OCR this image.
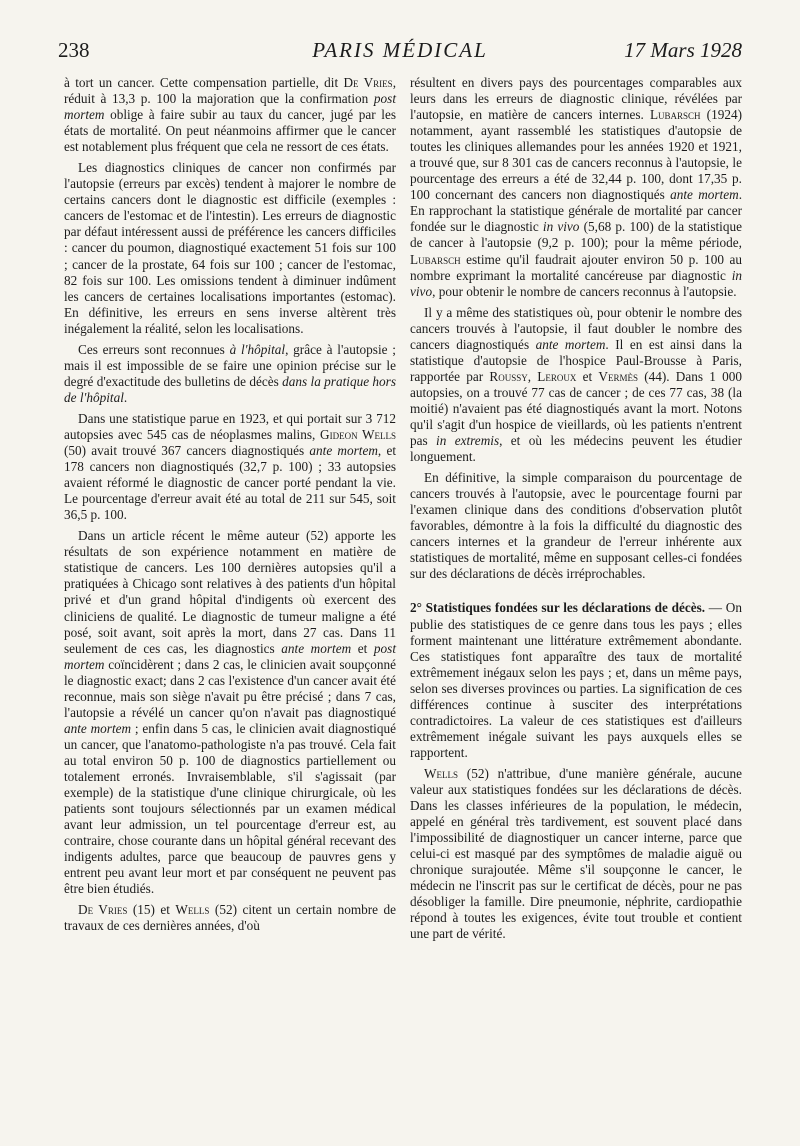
238	PARIS MÉDICAL	17 Mars 1928

à tort un cancer. Cette compensation partielle, dit De Vries, réduit à 13,3 p. 100 la majoration que la confirmation post mortem oblige à faire subir au taux du cancer, jugé par les états de mortalité. On peut néanmoins affirmer que le cancer est notablement plus fréquent que cela ne ressort de ces états.

Les diagnostics cliniques de cancer non confirmés par l'autopsie (erreurs par excès) tendent à majorer le nombre de certains cancers dont le diagnostic est difficile (exemples : cancers de l'estomac et de l'intestin). Les erreurs de diagnostic par défaut intéressent aussi de préférence les cancers difficiles : cancer du poumon, diagnostiqué exactement 51 fois sur 100 ; cancer de la prostate, 64 fois sur 100 ; cancer de l'estomac, 82 fois sur 100. Les omissions tendent à diminuer indûment les cancers de certaines localisations importantes (estomac). En définitive, les erreurs en sens inverse altèrent très inégalement la réalité, selon les localisations.

Ces erreurs sont reconnues à l'hôpital, grâce à l'autopsie ; mais il est impossible de se faire une opinion précise sur le degré d'exactitude des bulletins de décès dans la pratique hors de l'hôpital.

Dans une statistique parue en 1923, et qui portait sur 3 712 autopsies avec 545 cas de néoplasmes malins, Gideon Wells (50) avait trouvé 367 cancers diagnostiqués ante mortem, et 178 cancers non diagnostiqués (32,7 p. 100) ; 33 autopsies avaient réformé le diagnostic de cancer porté pendant la vie. Le pourcentage d'erreur avait été au total de 211 sur 545, soit 36,5 p. 100.

Dans un article récent le même auteur (52) apporte les résultats de son expérience notamment en matière de statistique de cancers. Les 100 dernières autopsies qu'il a pratiquées à Chicago sont relatives à des patients d'un hôpital privé et d'un grand hôpital d'indigents où exercent des cliniciens de qualité. Le diagnostic de tumeur maligne a été posé, soit avant, soit après la mort, dans 27 cas. Dans 11 seulement de ces cas, les diagnostics ante mortem et post mortem coïncidèrent ; dans 2 cas, le clinicien avait soupçonné le diagnostic exact; dans 2 cas l'existence d'un cancer avait été reconnue, mais son siège n'avait pu être précisé ; dans 7 cas, l'autopsie a révélé un cancer qu'on n'avait pas diagnostiqué ante mortem ; enfin dans 5 cas, le clinicien avait diagnostiqué un cancer, que l'anatomo-pathologiste n'a pas trouvé. Cela fait au total environ 50 p. 100 de diagnostics partiellement ou totalement erronés. Invraisemblable, s'il s'agissait (par exemple) de la statistique d'une clinique chirurgicale, où les patients sont toujours sélectionnés par un examen médical avant leur admission, un tel pourcentage d'erreur est, au contraire, chose courante dans un hôpital général recevant des indigents adultes, parce que beaucoup de pauvres gens y entrent peu avant leur mort et par conséquent ne peuvent pas être bien étudiés.

De Vries (15) et Wells (52) citent un certain nombre de travaux de ces dernières années, d'où

résultent en divers pays des pourcentages comparables aux leurs dans les erreurs de diagnostic clinique, révélées par l'autopsie, en matière de cancers internes. Lubarsch (1924) notamment, ayant rassemblé les statistiques d'autopsie de toutes les cliniques allemandes pour les années 1920 et 1921, a trouvé que, sur 8 301 cas de cancers reconnus à l'autopsie, le pourcentage des erreurs a été de 32,44 p. 100, dont 17,35 p. 100 concernant des cancers non diagnostiqués ante mortem. En rapprochant la statistique générale de mortalité par cancer fondée sur le diagnostic in vivo (5,68 p. 100) de la statistique de cancer à l'autopsie (9,2 p. 100); pour la même période, Lubarsch estime qu'il faudrait ajouter environ 50 p. 100 au nombre exprimant la mortalité cancéreuse par diagnostic in vivo, pour obtenir le nombre de cancers reconnus à l'autopsie.

Il y a même des statistiques où, pour obtenir le nombre des cancers trouvés à l'autopsie, il faut doubler le nombre des cancers diagnostiqués ante mortem. Il en est ainsi dans la statistique d'autopsie de l'hospice Paul-Brousse à Paris, rapportée par Roussy, Leroux et Vermès (44). Dans 1 000 autopsies, on a trouvé 77 cas de cancer ; de ces 77 cas, 38 (la moitié) n'avaient pas été diagnostiqués avant la mort. Notons qu'il s'agit d'un hospice de vieillards, où les patients n'entrent pas in extremis, et où les médecins peuvent les étudier longuement.

En définitive, la simple comparaison du pourcentage de cancers trouvés à l'autopsie, avec le pourcentage fourni par l'examen clinique dans des conditions d'observation plutôt favorables, démontre à la fois la difficulté du diagnostic des cancers internes et la grandeur de l'erreur inhérente aux statistiques de mortalité, même en supposant celles-ci fondées sur des déclarations de décès irréprochables.

2° Statistiques fondées sur les déclarations de décès. — On publie des statistiques de ce genre dans tous les pays ; elles forment maintenant une littérature extrêmement abondante. Ces statistiques font apparaître des taux de mortalité extrêmement inégaux selon les pays ; et, dans un même pays, selon ses diverses provinces ou parties. La signification de ces différences continue à susciter des interprétations contradictoires. La valeur de ces statistiques est d'ailleurs extrêmement inégale suivant les pays auxquels elles se rapportent.

Wells (52) n'attribue, d'une manière générale, aucune valeur aux statistiques fondées sur les déclarations de décès. Dans les classes inférieures de la population, le médecin, appelé en général très tardivement, est souvent placé dans l'impossibilité de diagnostiquer un cancer interne, parce que celui-ci est masqué par des symptômes de maladie aiguë ou chronique surajoutée. Même s'il soupçonne le cancer, le médecin ne l'inscrit pas sur le certificat de décès, pour ne pas désobliger la famille. Dire pneumonie, néphrite, cardiopathie répond à toutes les exigences, évite tout trouble et contient une part de vérité.
